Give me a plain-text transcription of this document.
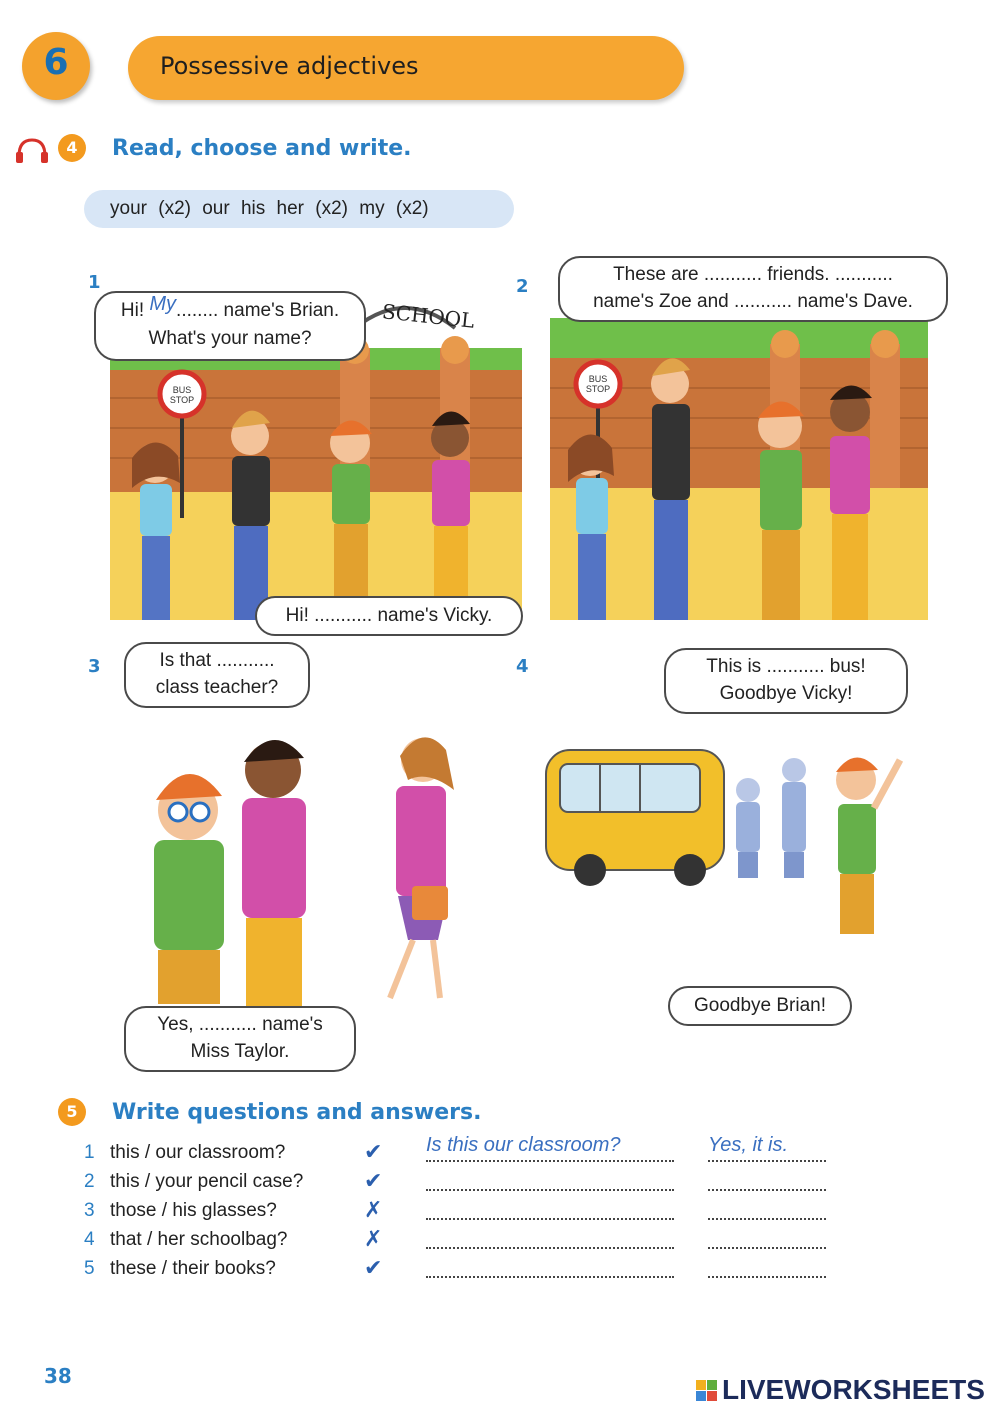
6	Possessive adjectives
4	Read, choose and write.
your (x2) our his her (x2) my (x2)
1
SCHOOL
BUS STOP
Hi! My........ name's Brian.
What's your name?
Hi! ........... name's Vicky.
2
BUS STOP
These are ........... friends. ...........
name's Zoe and ........... name's Dave.
3	Is that ...........
class teacher?
Yes, ........... name's
Miss Taylor.
4	This is ........... bus!
Goodbye Vicky!
Goodbye Brian!
5	Write questions and answers.
1 this / our classroom?	✔ Is this our classroom?	Yes, it is.
2 this / your pencil case?	✔
3 those / his glasses?	✗
4 that / her schoolbag?	✗
5 these / their books?	✔
38	LIVEWORKSHEETS
